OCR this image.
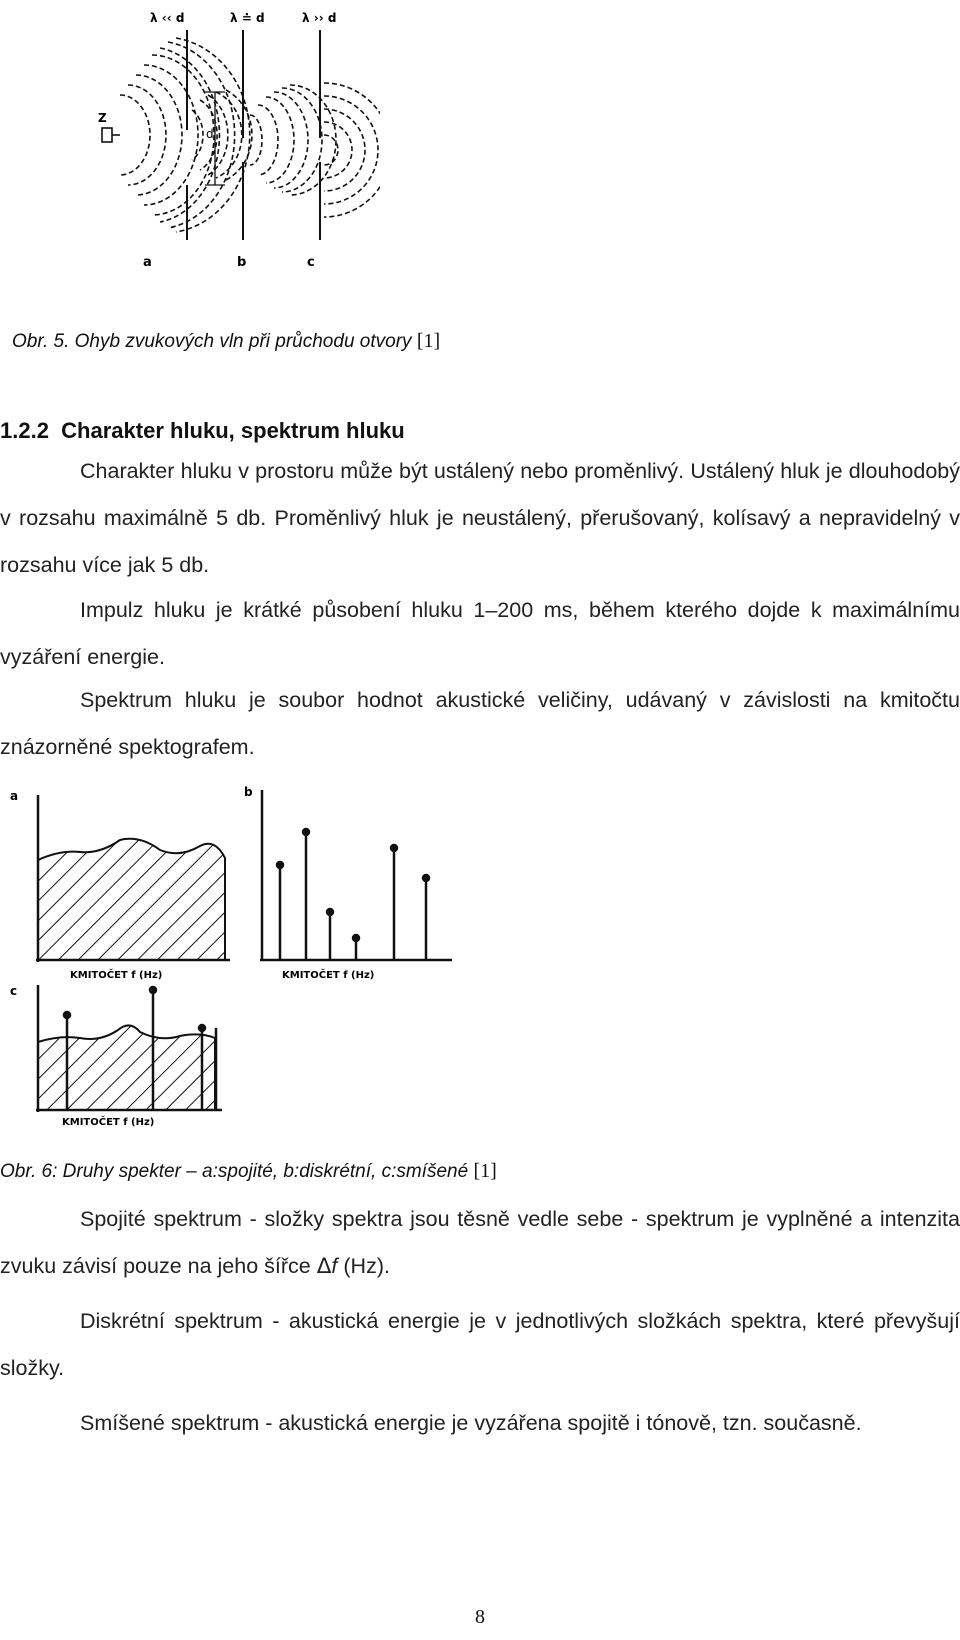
λ ‹‹ d	λ ≐ d	λ ›› d
Z
d
a	b	c

Obr. 5. Ohyb zvukových vln při průchodu otvory [1]

1.2.2 Charakter hluku, spektrum hluku

Charakter hluku v prostoru může být ustálený nebo proměnlivý. Ustálený hluk je dlouhodobý v rozsahu maximálně 5 db. Proměnlivý hluk je neustálený, přerušovaný, kolísavý a nepravidelný v rozsahu více jak 5 db.

Impulz hluku je krátké působení hluku 1–200 ms, během kterého dojde k maximálnímu vyzáření energie.

Spektrum hluku je soubor hodnot akustické veličiny, udávaný v závislosti na kmitočtu znázorněné spektografem.

a
KMITOČET f (Hz)
b
KMITOČET f (Hz)
c
KMITOČET f (Hz)

Obr. 6: Druhy spekter – a:spojité, b:diskrétní, c:smíšené [1]

Spojité spektrum - složky spektra jsou těsně vedle sebe - spektrum je vyplněné a intenzita zvuku závisí pouze na jeho šířce Δf (Hz).

Diskrétní spektrum - akustická energie je v jednotlivých složkách spektra, které převyšují složky.

Smíšené spektrum - akustická energie je vyzářena spojitě i tónově, tzn. současně.

8
